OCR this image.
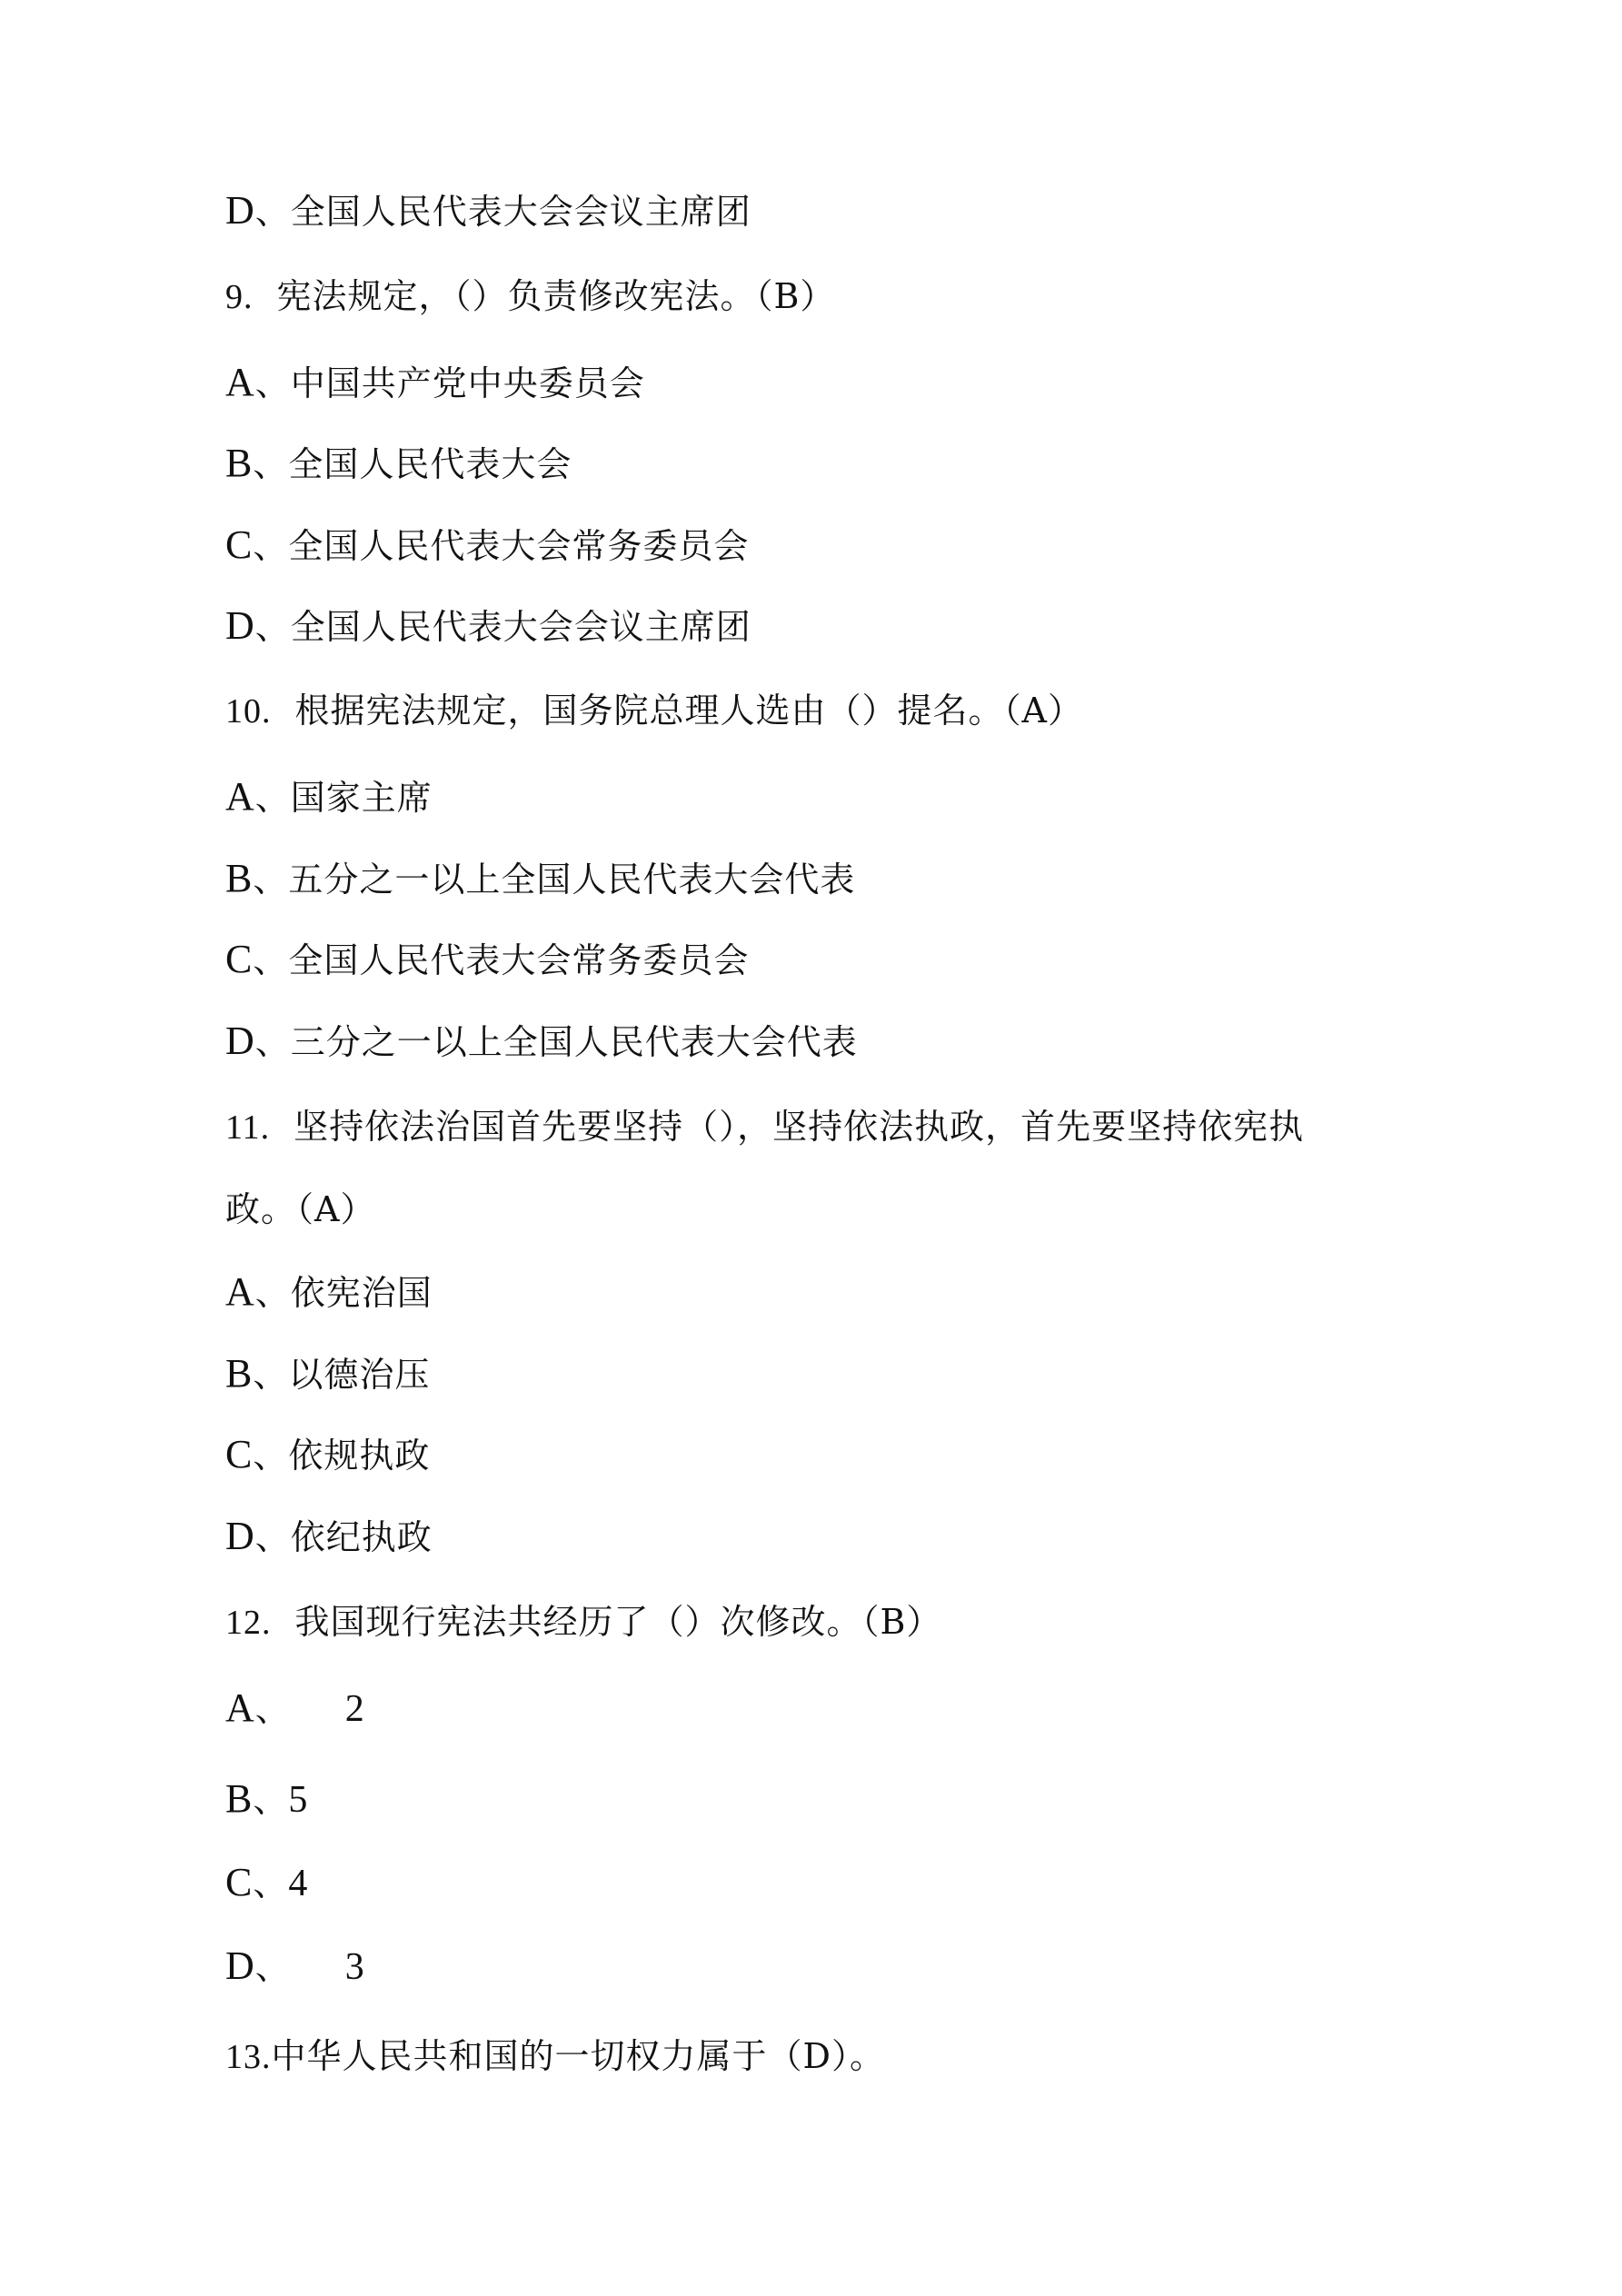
D、全国人民代表大会会议主席团
9. 宪法规定，（）负责修改宪法。（B）
A、中国共产党中央委员会
B、全国人民代表大会
C、全国人民代表大会常务委员会
D、全国人民代表大会会议主席团
10. 根据宪法规定，国务院总理人选由（）提名。（A）
A、国家主席
B、五分之一以上全国人民代表大会代表
C、全国人民代表大会常务委员会
D、三分之一以上全国人民代表大会代表
11. 坚持依法治国首先要坚持（），坚持依法执政，首先要坚持依宪执
政。（A）
A、依宪治国
B、以德治压
C、依规执政
D、依纪执政
12. 我国现行宪法共经历了（）次修改。（B）
A、 2
B、5
C、4
D、 3
13.中华人民共和国的一切权力属于（D）。
